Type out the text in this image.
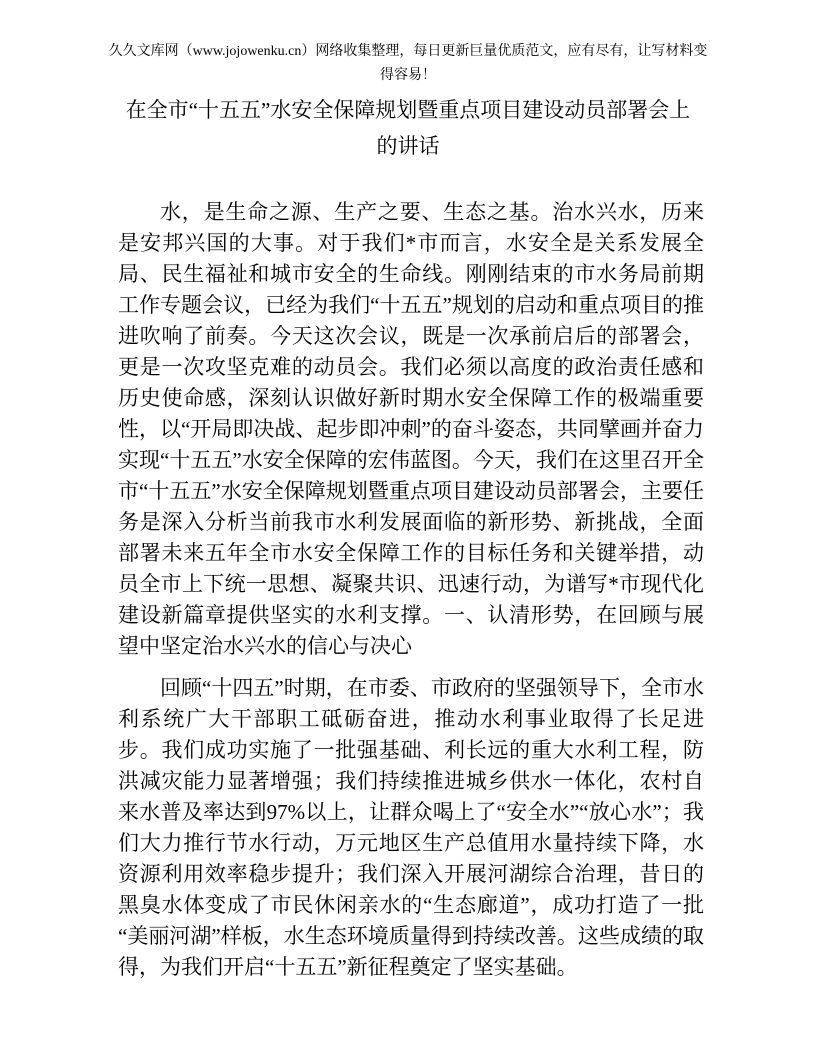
久久文库网（www.jojowenku.cn）网络收集整理，每日更新巨量优质范文，应有尽有，让写材料变
得容易！
在全市“十五五”水安全保障规划暨重点项目建设动员部署会上
的讲话

水，是生命之源、生产之要、生态之基。治水兴水，历来是安邦兴国的大事。对于我们*市而言，水安全是关系发展全局、民生福祉和城市安全的生命线。刚刚结束的市水务局前期工作专题会议，已经为我们“十五五”规划的启动和重点项目的推进吹响了前奏。今天这次会议，既是一次承前启后的部署会，更是一次攻坚克难的动员会。我们必须以高度的政治责任感和历史使命感，深刻认识做好新时期水安全保障工作的极端重要性，以“开局即决战、起步即冲刺”的奋斗姿态，共同擘画并奋力实现“十五五”水安全保障的宏伟蓝图。今天，我们在这里召开全市“十五五”水安全保障规划暨重点项目建设动员部署会，主要任务是深入分析当前我市水利发展面临的新形势、新挑战，全面部署未来五年全市水安全保障工作的目标任务和关键举措，动员全市上下统一思想、凝聚共识、迅速行动，为谱写*市现代化建设新篇章提供坚实的水利支撑。一、认清形势，在回顾与展望中坚定治水兴水的信心与决心

回顾“十四五”时期，在市委、市政府的坚强领导下，全市水利系统广大干部职工砥砺奋进，推动水利事业取得了长足进步。我们成功实施了一批强基础、利长远的重大水利工程，防洪减灾能力显著增强；我们持续推进城乡供水一体化，农村自来水普及率达到97%以上，让群众喝上了“安全水”“放心水”；我们大力推行节水行动，万元地区生产总值用水量持续下降，水资源利用效率稳步提升；我们深入开展河湖综合治理，昔日的黑臭水体变成了市民休闲亲水的“生态廊道”，成功打造了一批“美丽河湖”样板，水生态环境质量得到持续改善。这些成绩的取得，为我们开启“十五五”新征程奠定了坚实基础。
